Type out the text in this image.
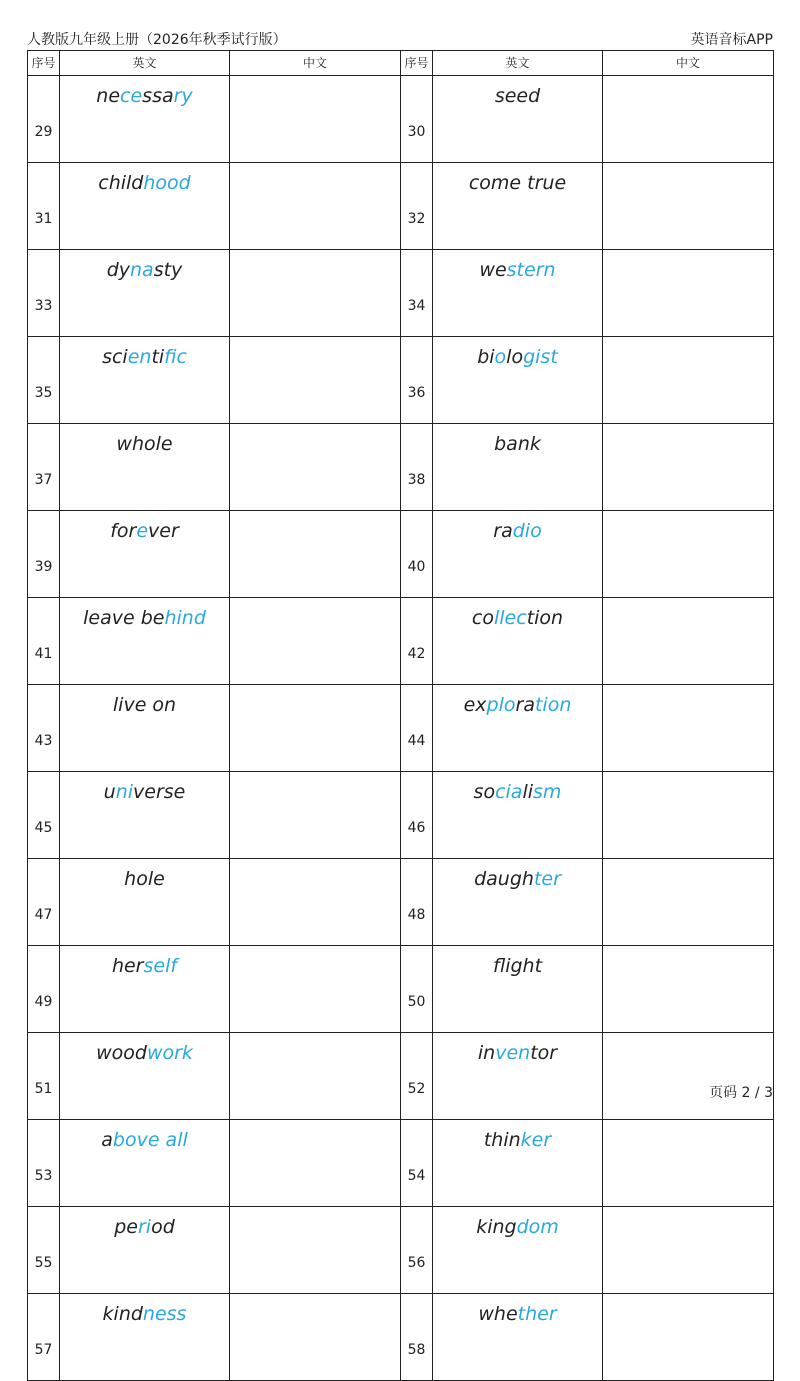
人教版九年级上册（2026年秋季试行版）	英语音标APP
序号	英文	中文	序号	英文	中文
29	necessary		30	seed	
31	childhood		32	come true	
33	dynasty		34	western	
35	scientific		36	biologist	
37	whole		38	bank	
39	forever		40	radio	
41	leave behind		42	collection	
43	live on		44	exploration	
45	universe		46	socialism	
47	hole		48	daughter	
49	herself		50	flight	
51	woodwork		52	inventor	
53	above all		54	thinker	
55	period		56	kingdom	
57	kindness		58	whether	
页码 2 / 3
